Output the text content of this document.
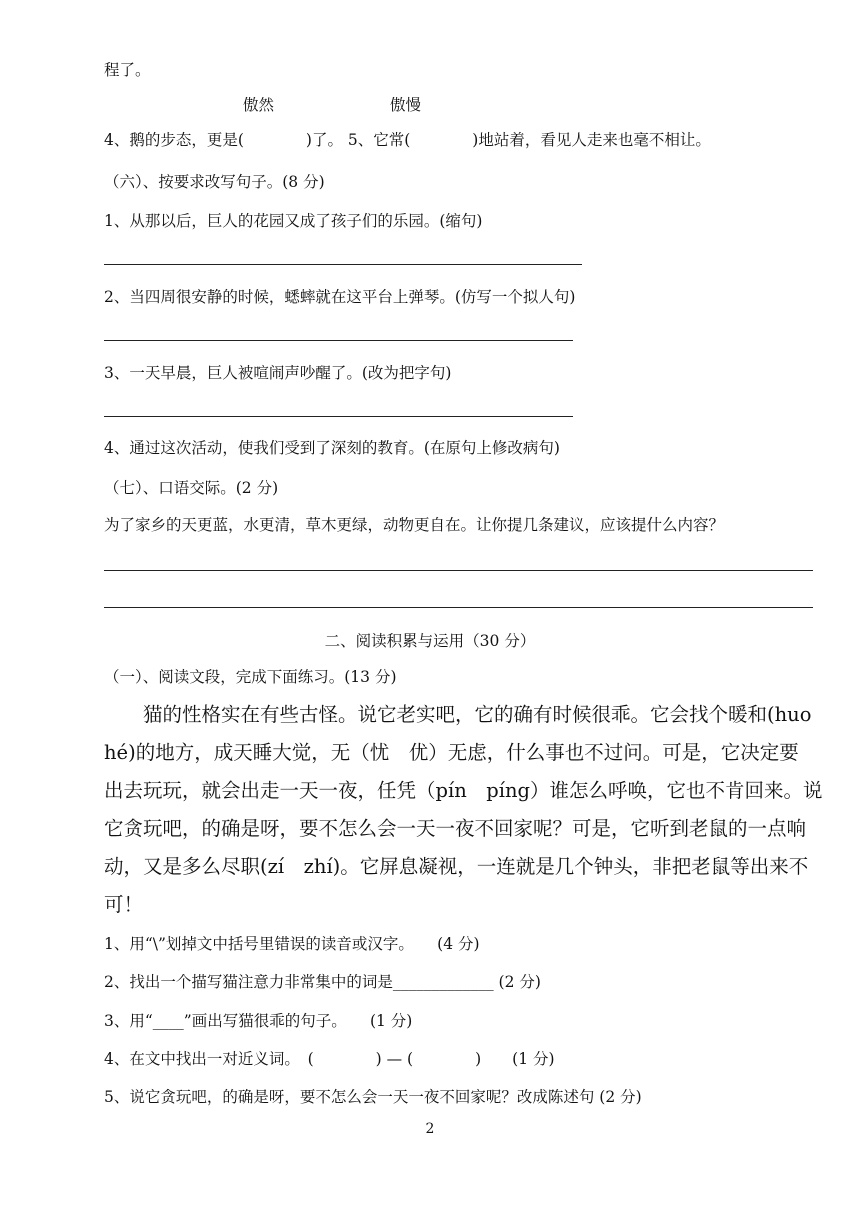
程了。
傲然	傲慢
4、鹅的步态，更是(　　　　)了。 5、它常(　　　　)地站着，看见人走来也毫不相让。
（六）、按要求改写句子。(8 分)
1、从那以后，巨人的花园又成了孩子们的乐园。(缩句)
2、当四周很安静的时候，蟋蟀就在这平台上弹琴。(仿写一个拟人句)
3、一天早晨，巨人被喧闹声吵醒了。(改为把字句)
4、通过这次活动，使我们受到了深刻的教育。(在原句上修改病句)
（七）、口语交际。(2 分)
为了家乡的天更蓝，水更清，草木更绿，动物更自在。让你提几条建议，应该提什么内容？
二、阅读积累与运用（30 分）
（一）、阅读文段，完成下面练习。(13 分)
　　猫的性格实在有些古怪。说它老实吧，它的确有时候很乖。它会找个暖和(huo
hé)的地方，成天睡大觉，无（忧　优）无虑，什么事也不过问。可是，它决定要
出去玩玩，就会出走一天一夜，任凭（pín　píng）谁怎么呼唤，它也不肯回来。说
它贪玩吧，的确是呀，要不怎么会一天一夜不回家呢？可是，它听到老鼠的一点响
动，又是多么尽职(zí　zhí)。它屏息凝视，一连就是几个钟头，非把老鼠等出来不
可！
1、用“\”划掉文中括号里错误的读音或汉字。　　(4 分)
2、找出一个描写猫注意力非常集中的词是_____________ (2 分)
3、用“____”画出写猫很乖的句子。　　(1 分)
4、在文中找出一对近义词。　(　　　　) — (　　　　)　　(1 分)
5、说它贪玩吧，的确是呀，要不怎么会一天一夜不回家呢？改成陈述句 (2 分)
2
